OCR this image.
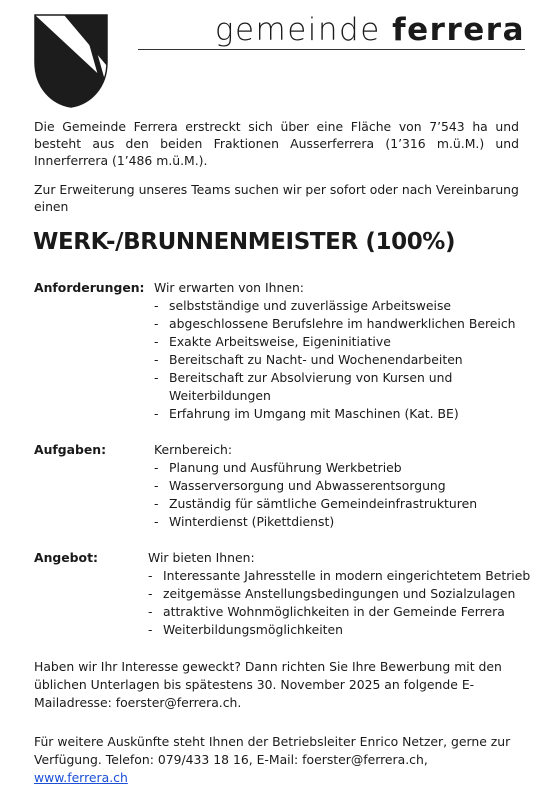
gemeinde ferrera
Die Gemeinde Ferrera erstreckt sich über eine Fläche von 7’543 ha und besteht aus den beiden Fraktionen Ausserferrera (1’316 m.ü.M.) und Innerferrera (1’486 m.ü.M.).
Zur Erweiterung unseres Teams suchen wir per sofort oder nach Vereinbarung einen
WERK-/BRUNNENMEISTER (100%)
Anforderungen: Wir erwarten von Ihnen:
- selbstständige und zuverlässige Arbeitsweise
- abgeschlossene Berufslehre im handwerklichen Bereich
- Exakte Arbeitsweise, Eigeninitiative
- Bereitschaft zu Nacht- und Wochenendarbeiten
- Bereitschaft zur Absolvierung von Kursen und Weiterbildungen
- Erfahrung im Umgang mit Maschinen (Kat. BE)
Aufgaben:	Kernbereich:
- Planung und Ausführung Werkbetrieb
- Wasserversorgung und Abwasserentsorgung
- Zuständig für sämtliche Gemeindeinfrastrukturen
- Winterdienst (Pikettdienst)
Angebot:	Wir bieten Ihnen:
- Interessante Jahresstelle in modern eingerichtetem Betrieb
- zeitgemässe Anstellungsbedingungen und Sozialzulagen
- attraktive Wohnmöglichkeiten in der Gemeinde Ferrera
- Weiterbildungsmöglichkeiten
Haben wir Ihr Interesse geweckt? Dann richten Sie Ihre Bewerbung mit den üblichen Unterlagen bis spätestens 30. November 2025 an folgende E-Mailadresse: foerster@ferrera.ch.
Für weitere Auskünfte steht Ihnen der Betriebsleiter Enrico Netzer, gerne zur Verfügung. Telefon: 079/433 18 16, E-Mail: foerster@ferrera.ch, www.ferrera.ch
